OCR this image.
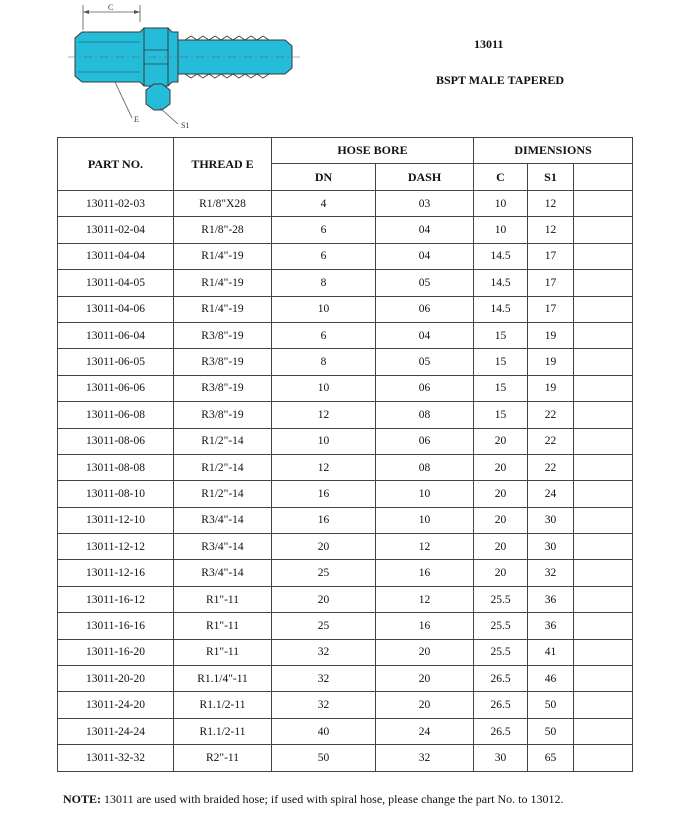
C
E
S1
13011
BSPT MALE TAPERED
PART NO.	THREAD E	HOSE BORE		DIMENSIONS		
		DN	DASH	C	S1	
13011-02-03	R1/8"X28	4	03	10	12	
13011-02-04	R1/8"-28	6	04	10	12	
13011-04-04	R1/4"-19	6	04	14.5	17	
13011-04-05	R1/4"-19	8	05	14.5	17	
13011-04-06	R1/4"-19	10	06	14.5	17	
13011-06-04	R3/8"-19	6	04	15	19	
13011-06-05	R3/8"-19	8	05	15	19	
13011-06-06	R3/8"-19	10	06	15	19	
13011-06-08	R3/8"-19	12	08	15	22	
13011-08-06	R1/2"-14	10	06	20	22	
13011-08-08	R1/2"-14	12	08	20	22	
13011-08-10	R1/2"-14	16	10	20	24	
13011-12-10	R3/4"-14	16	10	20	30	
13011-12-12	R3/4"-14	20	12	20	30	
13011-12-16	R3/4"-14	25	16	20	32	
13011-16-12	R1"-11	20	12	25.5	36	
13011-16-16	R1"-11	25	16	25.5	36	
13011-16-20	R1"-11	32	20	25.5	41	
13011-20-20	R1.1/4"-11	32	20	26.5	46	
13011-24-20	R1.1/2-11	32	20	26.5	50	
13011-24-24	R1.1/2-11	40	24	26.5	50	
13011-32-32	R2"-11	50	32	30	65	
NOTE: 13011 are used with braided hose; if used with spiral hose, please change the part No. to 13012.
